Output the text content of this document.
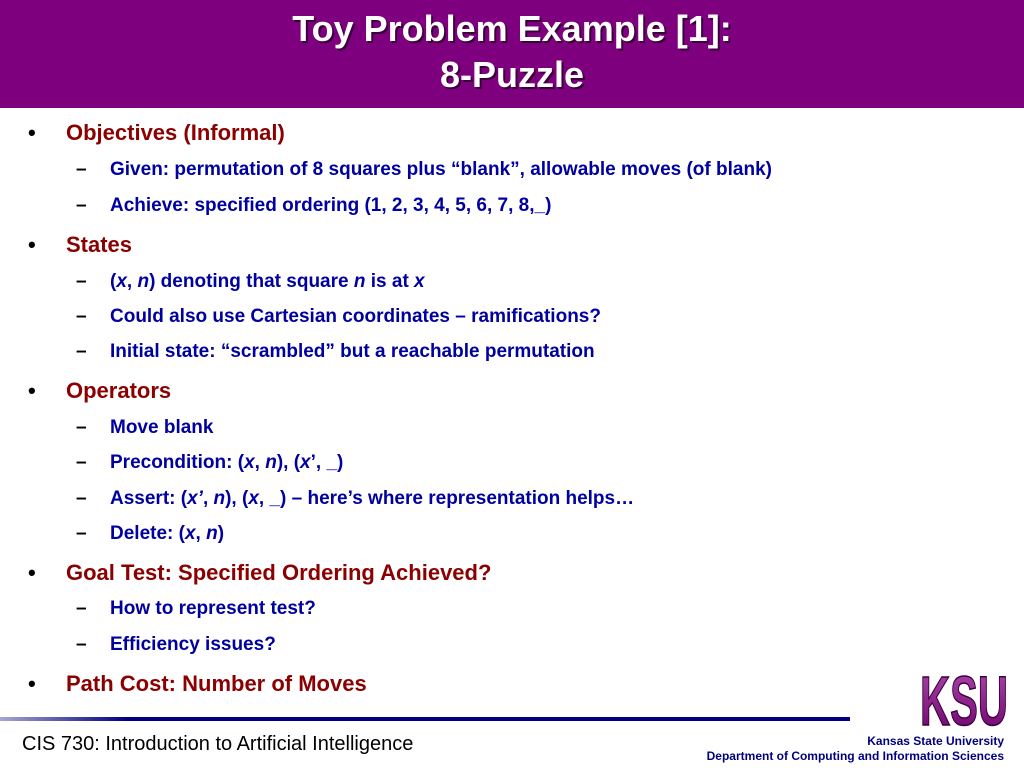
Toy Problem Example [1]:
8-Puzzle
• Objectives (Informal)
– Given: permutation of 8 squares plus “blank”, allowable moves (of blank)
– Achieve: specified ordering (1, 2, 3, 4, 5, 6, 7, 8,_)
• States
– (x, n) denoting that square n is at x
– Could also use Cartesian coordinates – ramifications?
– Initial state: “scrambled” but a reachable permutation
• Operators
– Move blank
– Precondition: (x, n), (x’, _)
– Assert: (x’, n), (x, _) – here’s where representation helps…
– Delete: (x, n)
• Goal Test: Specified Ordering Achieved?
– How to represent test?
– Efficiency issues?
• Path Cost: Number of Moves	KSU
CIS 730: Introduction to Artificial Intelligence	Kansas State University
Department of Computing and Information Sciences
